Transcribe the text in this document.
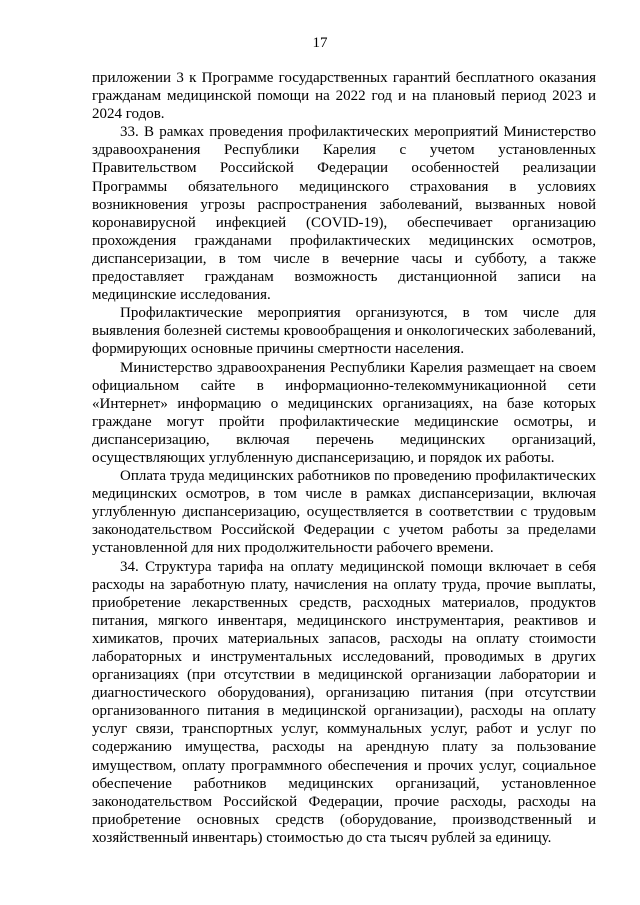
17

приложении 3 к Программе государственных гарантий бесплатного оказания гражданам медицинской помощи на 2022 год и на плановый период 2023 и 2024 годов.

33. В рамках проведения профилактических мероприятий Министерство здравоохранения Республики Карелия с учетом установленных Правительством Российской Федерации особенностей реализации Программы обязательного медицинского страхования в условиях возникновения угрозы распространения заболеваний, вызванных новой коронавирусной инфекцией (COVID-19), обеспечивает организацию прохождения гражданами профилактических медицинских осмотров, диспансеризации, в том числе в вечерние часы и субботу, а также предоставляет гражданам возможность дистанционной записи на медицинские исследования.

Профилактические мероприятия организуются, в том числе для выявления болезней системы кровообращения и онкологических заболеваний, формирующих основные причины смертности населения.

Министерство здравоохранения Республики Карелия размещает на своем официальном сайте в информационно-телекоммуникационной сети «Интернет» информацию о медицинских организациях, на базе которых граждане могут пройти профилактические медицинские осмотры, и диспансеризацию, включая перечень медицинских организаций, осуществляющих углубленную диспансеризацию, и порядок их работы.

Оплата труда медицинских работников по проведению профилактических медицинских осмотров, в том числе в рамках диспансеризации, включая углубленную диспансеризацию, осуществляется в соответствии с трудовым законодательством Российской Федерации с учетом работы за пределами установленной для них продолжительности рабочего времени.

34. Структура тарифа на оплату медицинской помощи включает в себя расходы на заработную плату, начисления на оплату труда, прочие выплаты, приобретение лекарственных средств, расходных материалов, продуктов питания, мягкого инвентаря, медицинского инструментария, реактивов и химикатов, прочих материальных запасов, расходы на оплату стоимости лабораторных и инструментальных исследований, проводимых в других организациях (при отсутствии в медицинской организации лаборатории и диагностического оборудования), организацию питания (при отсутствии организованного питания в медицинской организации), расходы на оплату услуг связи, транспортных услуг, коммунальных услуг, работ и услуг по содержанию имущества, расходы на арендную плату за пользование имуществом, оплату программного обеспечения и прочих услуг, социальное обеспечение работников медицинских организаций, установленное законодательством Российской Федерации, прочие расходы, расходы на приобретение основных средств (оборудование, производственный и хозяйственный инвентарь) стоимостью до ста тысяч рублей за единицу.
